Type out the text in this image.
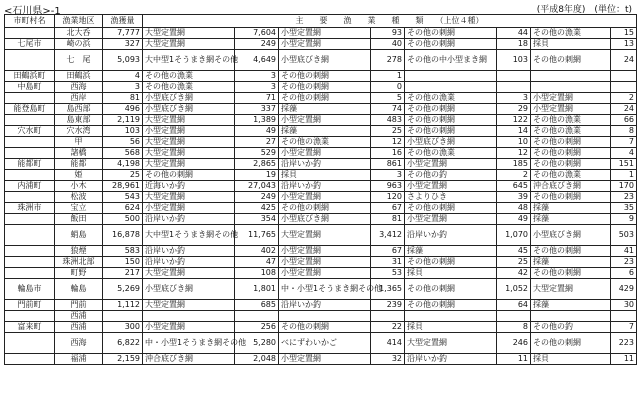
<石川県>-1	(平成8年度)　(単位：t)
市町村名	漁業地区	漁獲量	主　　要　　漁　　業　　種　　類　　（上位４種）							
	北大呑	7,777	大型定置網	7,604	小型定置網	93	その他の刺網	44	その他の漁業	15
七尾市	崎の浜	327	大型定置網	249	小型定置網	40	その他の刺網	18	採貝	13
	七　尾	5,093	大中型1そうまき網その他	4,649	小型底びき網	278	その他の中小型まき網	103	その他の刺網	24
田鶴浜町	田鶴浜	4	その他の漁業	3	その他の刺網	1				
中島町	西海	3	その他の漁業	3	その他の刺網	0				
	西岸	81	小型底びき網	71	その他の刺網	5	その他の漁業	3	小型定置網	2
能登島町	島西部	496	小型底びき網	337	採藻	74	その他の刺網	29	小型定置網	24
	島東部	2,119	大型定置網	1,389	小型定置網	483	その他の刺網	122	その他の漁業	66
穴水町	穴水湾	103	小型定置網	49	採藻	25	その他の刺網	14	その他の漁業	8
	甲	56	大型定置網	27	その他の漁業	12	小型底びき網	10	その他の刺網	7
	諸橋	568	大型定置網	529	小型定置網	16	その他の漁業	12	その他の刺網	4
能都町	能都	4,198	大型定置網	2,865	沿岸いか釣	861	小型定置網	185	その他の刺網	151
	姫	25	その他の刺網	19	採貝	3	その他の釣	2	その他の漁業	1
内浦町	小木	28,961	近海いか釣	27,043	沿岸いか釣	963	小型定置網	645	沖合底びき網	170
	松波	543	大型定置網	249	小型定置網	120	さよりひき	39	その他の刺網	23
珠洲市	宝立	624	小型定置網	425	その他の刺網	67	その他の刺網	48	採藻	35
	飯田	500	沿岸いか釣	354	小型底びき網	81	小型定置網	49	採藻	9
	蛸島	16,878	大中型1そうまき網その他	11,765	大型定置網	3,412	沿岸いか釣	1,070	小型底びき網	503
	狼煙	583	沿岸いか釣	402	小型定置網	67	採藻	45	その他の刺網	41
	珠洲北部	150	沿岸いか釣	47	小型定置網	31	その他の刺網	25	採藻	23
	町野	217	大型定置網	108	小型定置網	53	採貝	42	その他の刺網	6
輪島市	輪島	5,269	小型底びき網	1,801	中・小型1そうまき網その他	1,365	その他の刺網	1,052	大型定置網	429
門前町	門前	1,112	大型定置網	685	沿岸いか釣	239	その他の刺網	64	採藻	30
	西浦									
富来町	西浦	300	小型定置網	256	その他の刺網	22	採貝	8	その他の釣	7
	西海	6,822	中・小型1そうまき網その他	5,280	べにずわいかご	414	大型定置網	246	その他の刺網	223
	福浦	2,159	沖合底びき網	2,048	小型定置網	32	沿岸いか釣	11	採貝	11
